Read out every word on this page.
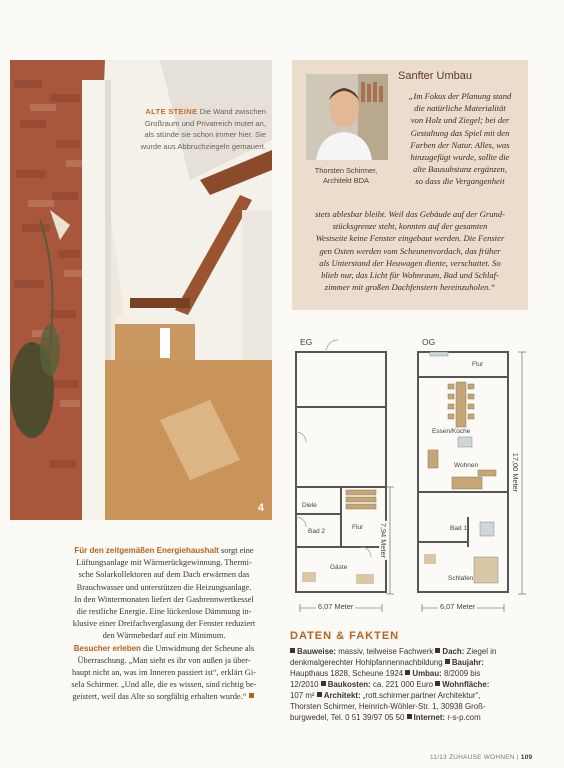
ALTE STEINE Die Wand zwischen
Großraum und Privatreich mutet an,
als stünde sie schon immer hier. Sie
wurde aus Abbruchziegeln gemauert.
4
Sanfter Umbau
Thorsten Schirmer,
Architekt BDA
„Im Fokus der Planung stand
die natürliche Materialität
von Holz und Ziegel; bei der
Gestaltung das Spiel mit den
Farben der Natur. Alles, was
hinzugefügt wurde, sollte die
alte Bausubstanz ergänzen,
so dass die Vergangenheit
stets ablesbar bleibt. Weil das Gebäude auf der Grund-
stücksgrenze steht, konnten auf der gesamten
Westseite keine Fenster eingebaut werden. Die Fenster
gen Osten werden vom Scheunenvordach, das früher
als Unterstand der Heuwagen diente, verschattet. So
blieb nur, das Licht für Wohnraum, Bad und Schlaf-
zimmer mit großen Dachfenstern hereinzuholen.“
EG
Diele
Flur
Bad 2
Gäste
6,07 Meter
7,94 Meter
OG
Flur
Essen/Küche
Wohnen
Bad 1
Schlafen
6,07 Meter
17,00 Meter
Für den zeitgemäßen Energiehaushalt sorgt eine
Lüftungsanlage mit Wärmerückgewinnung. Thermi-
sche Solarkollektoren auf dem Dach erwärmen das
Brauchwasser und unterstützen die Heizungsanlage.
In den Wintermonaten liefert der Gasbrennwertkessel
die restliche Energie. Eine lückenlose Dämmung in-
klusive einer Dreifachverglasung der Fenster reduziert
den Wärmebedarf auf ein Minimum.
Besucher erleben die Umwidmung der Scheune als
Überraschung. „Man sieht es ihr von außen ja über-
haupt nicht an, was im Inneren passiert ist“, erklärt Gi-
sela Schirmer. „Und alle, die es wissen, sind richtig be-
geistert, weil das Alte so sorgfältig erhalten wurde.“
DATEN & FAKTEN
Bauweise: massiv, teilweise Fachwerk Dach: Ziegel in
denkmalgerechter Hohlpfannennachbildung Baujahr:
Haupthaus 1828, Scheune 1924 Umbau: 8/2009 bis
12/2010 Baukosten: ca. 221 000 Euro Wohnfläche:
107 m² Architekt: „rott.schirmer.partner Architektur“,
Thorsten Schirmer, Heinrich-Wöhler-Str. 1, 30938 Groß-
burgwedel, Tel. 0 51 39/97 05 50 Internet: r-s-p.com
11/13 ZUHAUSE WOHNEN | 109
